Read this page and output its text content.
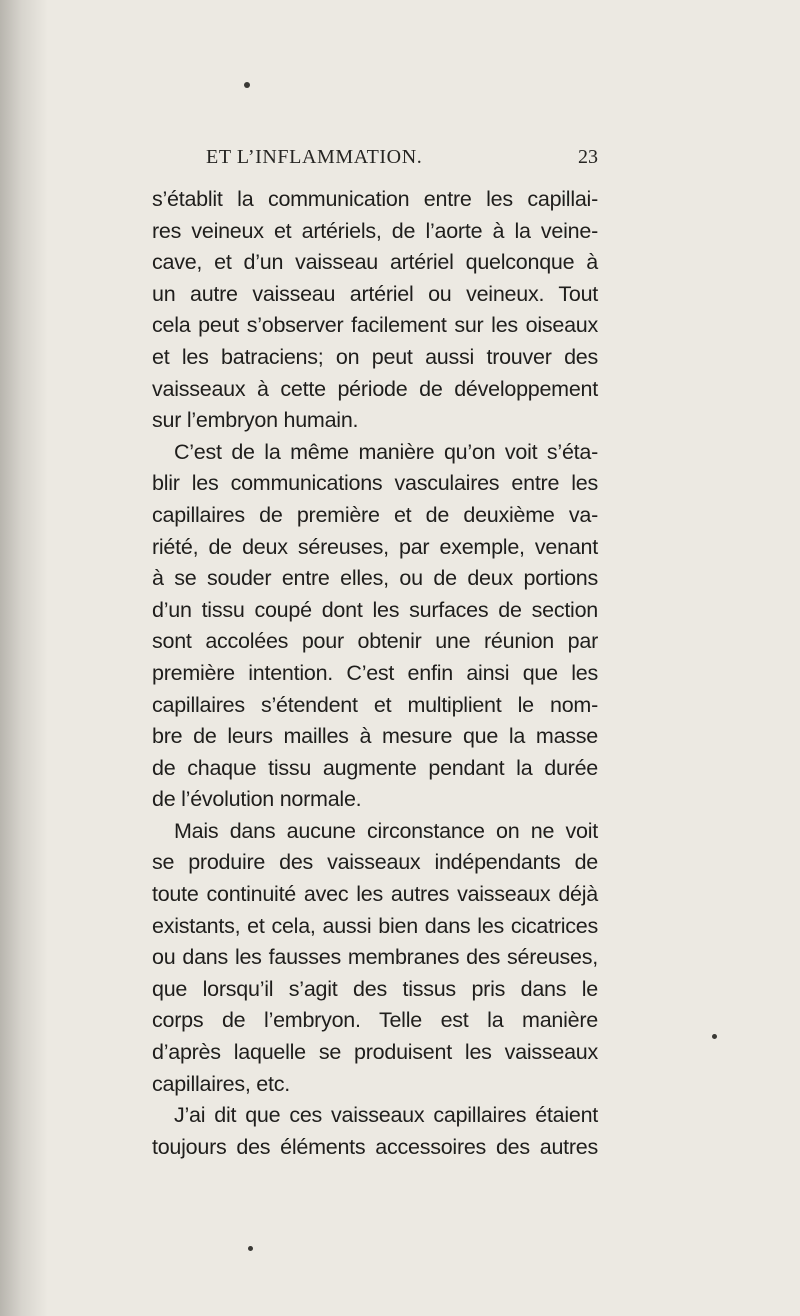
ET L’INFLAMMATION.	23
s’établit la communication entre les capillai-
res veineux et artériels, de l’aorte à la veine-
cave, et d’un vaisseau artériel quelconque à
un autre vaisseau artériel ou veineux. Tout
cela peut s’observer facilement sur les oiseaux
et les batraciens; on peut aussi trouver des
vaisseaux à cette période de développement
sur l’embryon humain.
C’est de la même manière qu’on voit s’éta-
blir les communications vasculaires entre les
capillaires de première et de deuxième va-
riété, de deux séreuses, par exemple, venant
à se souder entre elles, ou de deux portions
d’un tissu coupé dont les surfaces de section
sont accolées pour obtenir une réunion par
première intention. C’est enfin ainsi que les
capillaires s’étendent et multiplient le nom-
bre de leurs mailles à mesure que la masse
de chaque tissu augmente pendant la durée
de l’évolution normale.
Mais dans aucune circonstance on ne voit
se produire des vaisseaux indépendants de
toute continuité avec les autres vaisseaux déjà
existants, et cela, aussi bien dans les cicatrices
ou dans les fausses membranes des séreuses,
que lorsqu’il s’agit des tissus pris dans le
corps de l’embryon. Telle est la manière
d’après laquelle se produisent les vaisseaux
capillaires, etc.
J’ai dit que ces vaisseaux capillaires étaient
toujours des éléments accessoires des autres
